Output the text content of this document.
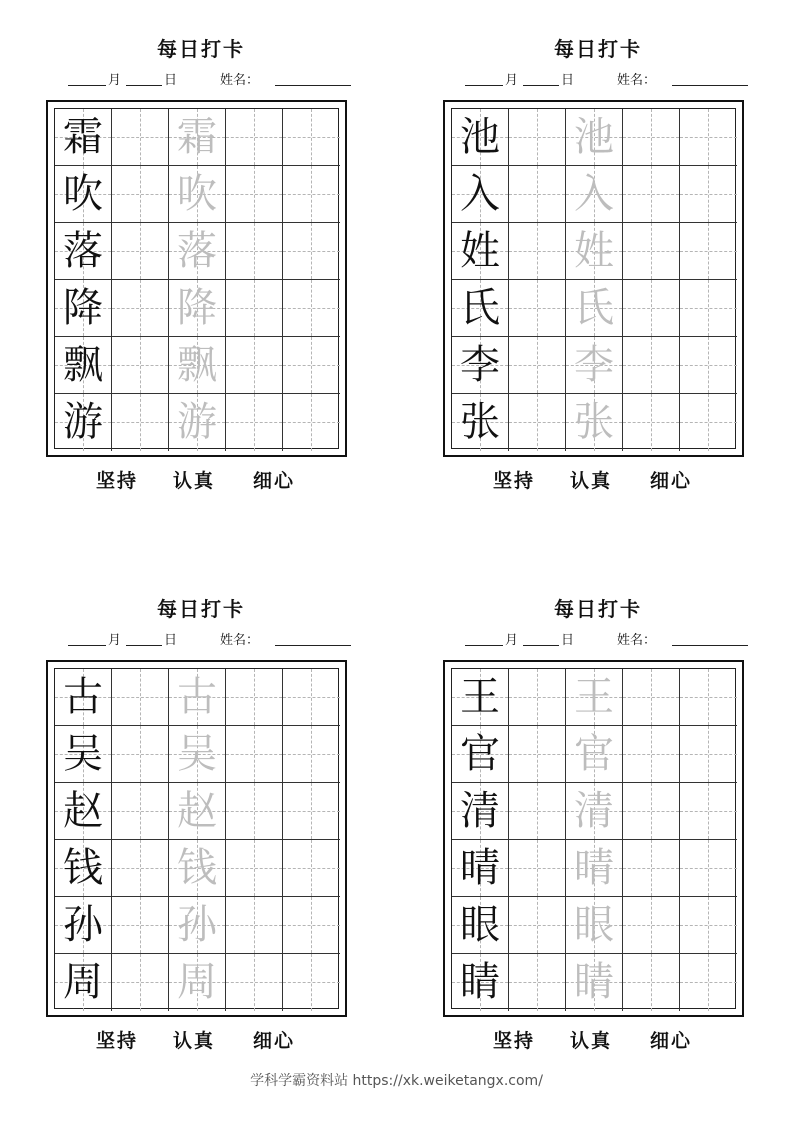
每日打卡
月	日	姓名：
霜 霜
吹 吹
落 落
降 降
飘 飘
游 游
坚持 认真 细心
每日打卡
月	日	姓名：
池 池
入 入
姓 姓
氏 氏
李 李
张 张
坚持 认真 细心
每日打卡
月	日	姓名：
古 古
吴 吴
赵 赵
钱 钱
孙 孙
周 周
坚持 认真 细心
每日打卡
月	日	姓名：
王 王
官 官
清 清
晴 晴
眼 眼
睛 睛
坚持 认真 细心
学科学霸资料站 https://xk.weiketangx.com/
